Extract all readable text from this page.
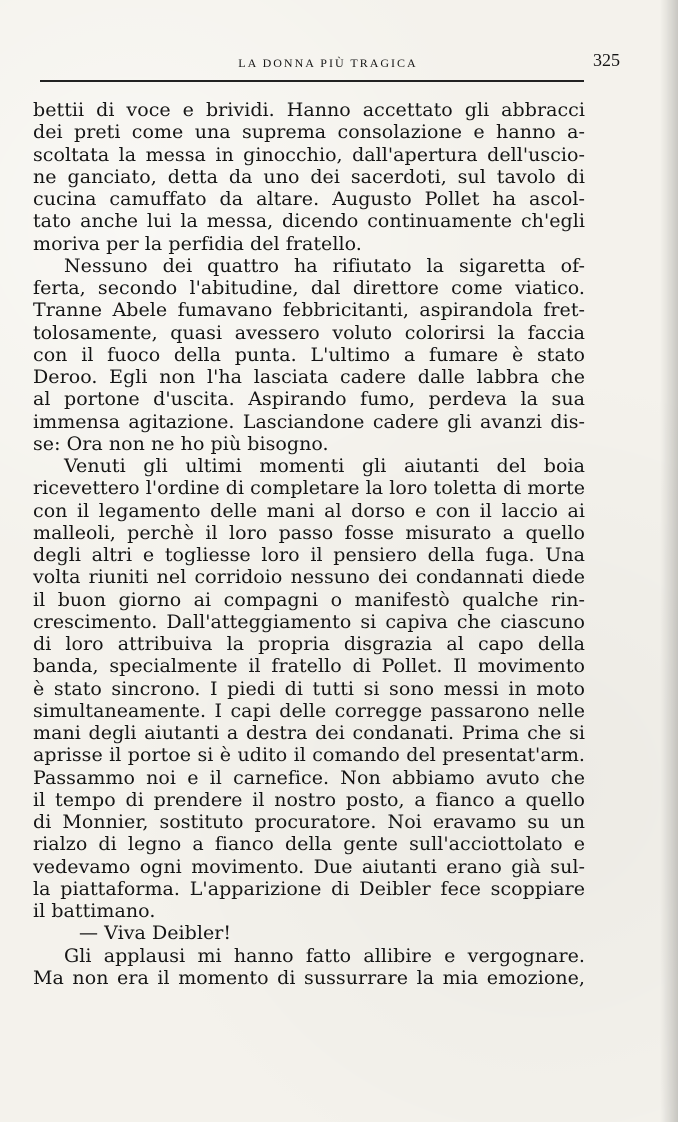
LA DONNA PIÙ TRAGICA	325
bettii di voce e brividi. Hanno accettato gli abbracci
dei preti come una suprema consolazione e hanno a-
scoltata la messa in ginocchio, dall'apertura dell'uscio-
ne ganciato, detta da uno dei sacerdoti, sul tavolo di
cucina camuffato da altare. Augusto Pollet ha ascol-
tato anche lui la messa, dicendo continuamente ch'egli
moriva per la perfidia del fratello.
Nessuno dei quattro ha rifiutato la sigaretta of-
ferta, secondo l'abitudine, dal direttore come viatico.
Tranne Abele fumavano febbricitanti, aspirandola fret-
tolosamente, quasi avessero voluto colorirsi la faccia
con il fuoco della punta. L'ultimo a fumare è stato
Deroo. Egli non l'ha lasciata cadere dalle labbra che
al portone d'uscita. Aspirando fumo, perdeva la sua
immensa agitazione. Lasciandone cadere gli avanzi dis-
se: Ora non ne ho più bisogno.
Venuti gli ultimi momenti gli aiutanti del boia
ricevettero l'ordine di completare la loro toletta di morte
con il legamento delle mani al dorso e con il laccio ai
malleoli, perchè il loro passo fosse misurato a quello
degli altri e togliesse loro il pensiero della fuga. Una
volta riuniti nel corridoio nessuno dei condannati diede
il buon giorno ai compagni o manifestò qualche rin-
crescimento. Dall'atteggiamento si capiva che ciascuno
di loro attribuiva la propria disgrazia al capo della
banda, specialmente il fratello di Pollet. Il movimento
è stato sincrono. I piedi di tutti si sono messi in moto
simultaneamente. I capi delle corregge passarono nelle
mani degli aiutanti a destra dei condanati. Prima che si
aprisse il portoe si è udito il comando del presentat'arm.
Passammo noi e il carnefice. Non abbiamo avuto che
il tempo di prendere il nostro posto, a fianco a quello
di Monnier, sostituto procuratore. Noi eravamo su un
rialzo di legno a fianco della gente sull'acciottolato e
vedevamo ogni movimento. Due aiutanti erano già sul-
la piattaforma. L'apparizione di Deibler fece scoppiare
il battimano.
— Viva Deibler!
Gli applausi mi hanno fatto allibire e vergognare.
Ma non era il momento di sussurrare la mia emozione,
